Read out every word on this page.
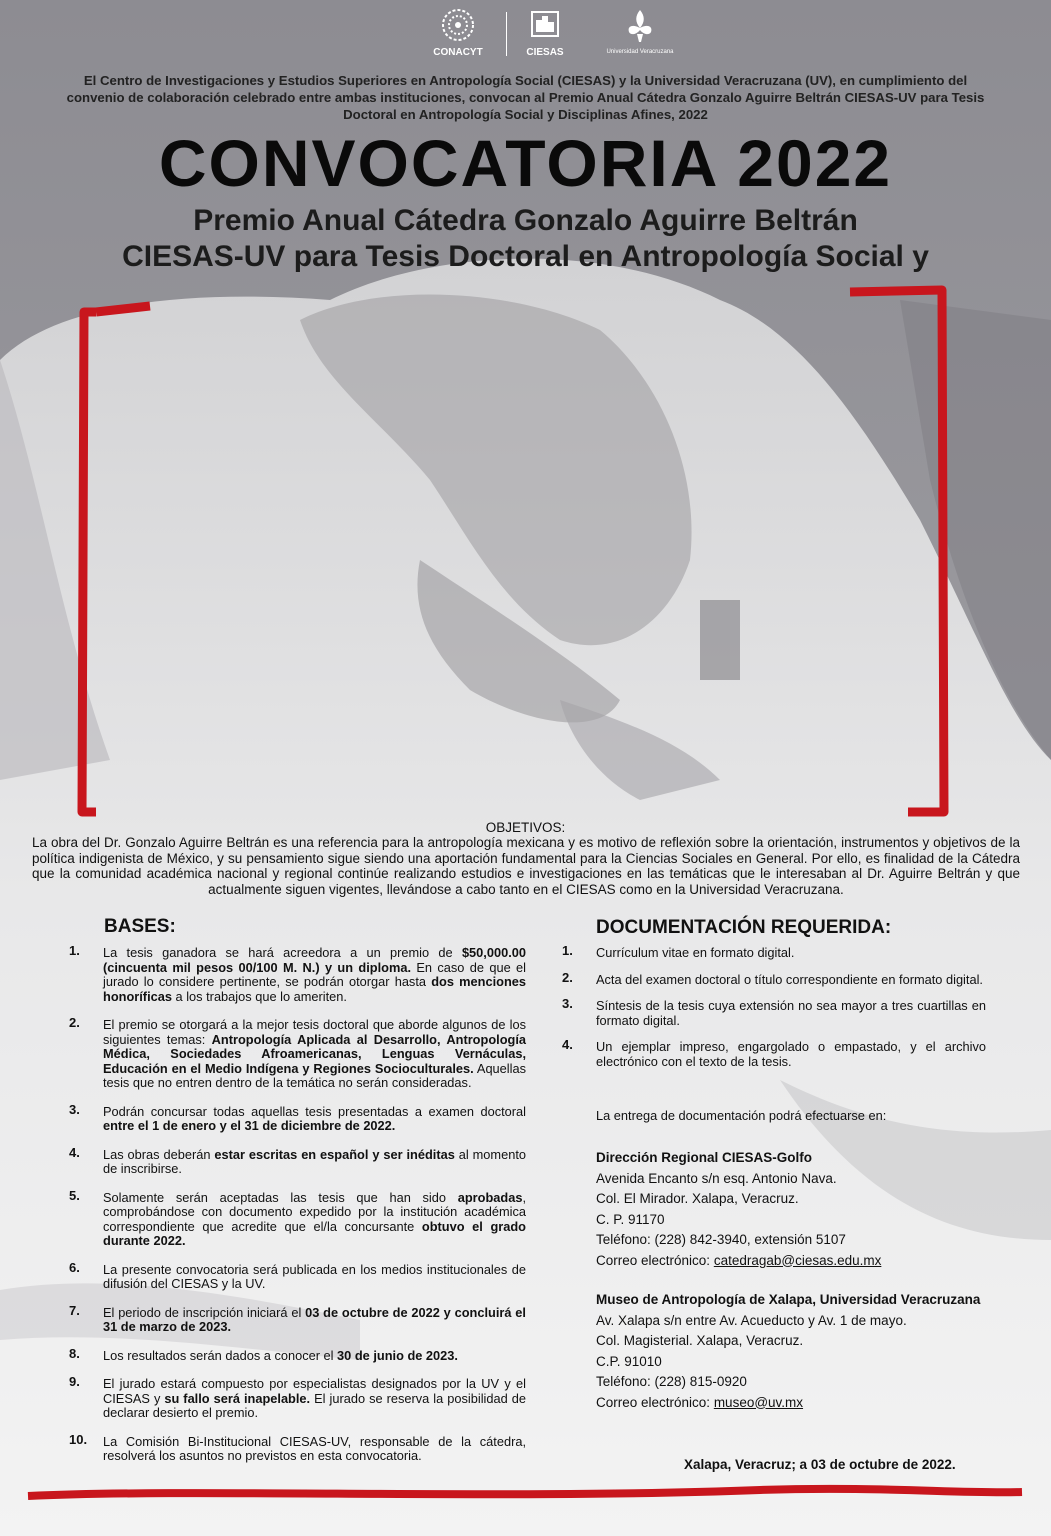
CONACYT	CIESAS	Universidad Veracruzana
El Centro de Investigaciones y Estudios Superiores en Antropología Social (CIESAS) y la Universidad Veracruzana (UV), en cumplimiento del convenio de colaboración celebrado entre ambas instituciones, convocan al Premio Anual Cátedra Gonzalo Aguirre Beltrán CIESAS-UV para Tesis Doctoral en Antropología Social y Disciplinas Afines, 2022
CONVOCATORIA 2022
Premio Anual Cátedra Gonzalo Aguirre Beltrán
CIESAS-UV para Tesis Doctoral en Antropología Social y
OBJETIVOS:
La obra del Dr. Gonzalo Aguirre Beltrán es una referencia para la antropología mexicana y es motivo de reflexión sobre la orientación, instrumentos y objetivos de la política indigenista de México, y su pensamiento sigue siendo una aportación fundamental para la Ciencias Sociales en General. Por ello, es finalidad de la Cátedra que la comunidad académica nacional y regional continúe realizando estudios e investigaciones en las temáticas que le interesaban al Dr. Aguirre Beltrán y que actualmente siguen vigentes, llevándose a cabo tanto en el CIESAS como en la Universidad Veracruzana.
BASES:	DOCUMENTACIÓN REQUERIDA:
1. La tesis ganadora se hará acreedora a un premio de $50,000.00 (cincuenta mil pesos 00/100 M. N.) y un diploma. En caso de que el jurado lo considere pertinente, se podrán otorgar hasta dos menciones honoríficas a los trabajos que lo ameriten.
2. El premio se otorgará a la mejor tesis doctoral que aborde algunos de los siguientes temas: Antropología Aplicada al Desarrollo, Antropología Médica, Sociedades Afroamericanas, Lenguas Vernáculas, Educación en el Medio Indígena y Regiones Socioculturales. Aquellas tesis que no entren dentro de la temática no serán consideradas.
3. Podrán concursar todas aquellas tesis presentadas a examen doctoral entre el 1 de enero y el 31 de diciembre de 2022.
4. Las obras deberán estar escritas en español y ser inéditas al momento de inscribirse.
5. Solamente serán aceptadas las tesis que han sido aprobadas, comprobándose con documento expedido por la institución académica correspondiente que acredite que el/la concursante obtuvo el grado durante 2022.
6. La presente convocatoria será publicada en los medios institucionales de difusión del CIESAS y la UV.
7. El periodo de inscripción iniciará el 03 de octubre de 2022 y concluirá el 31 de marzo de 2023.
8. Los resultados serán dados a conocer el 30 de junio de 2023.
9. El jurado estará compuesto por especialistas designados por la UV y el CIESAS y su fallo será inapelable. El jurado se reserva la posibilidad de declarar desierto el premio.
10. La Comisión Bi-Institucional CIESAS-UV, responsable de la cátedra, resolverá los asuntos no previstos en esta convocatoria.
1. Currículum vitae en formato digital.
2. Acta del examen doctoral o título correspondiente en formato digital.
3. Síntesis de la tesis cuya extensión no sea mayor a tres cuartillas en formato digital.
4. Un ejemplar impreso, engargolado o empastado, y el archivo electrónico con el texto de la tesis.
La entrega de documentación podrá efectuarse en:
Dirección Regional CIESAS-Golfo
Avenida Encanto s/n esq. Antonio Nava.
Col. El Mirador. Xalapa, Veracruz.
C. P. 91170
Teléfono: (228) 842-3940, extensión 5107
Correo electrónico: catedragab@ciesas.edu.mx
Museo de Antropología de Xalapa, Universidad Veracruzana
Av. Xalapa s/n entre Av. Acueducto y Av. 1 de mayo.
Col. Magisterial. Xalapa, Veracruz.
C.P. 91010
Teléfono: (228) 815-0920
Correo electrónico: museo@uv.mx
Xalapa, Veracruz; a 03 de octubre de 2022.
